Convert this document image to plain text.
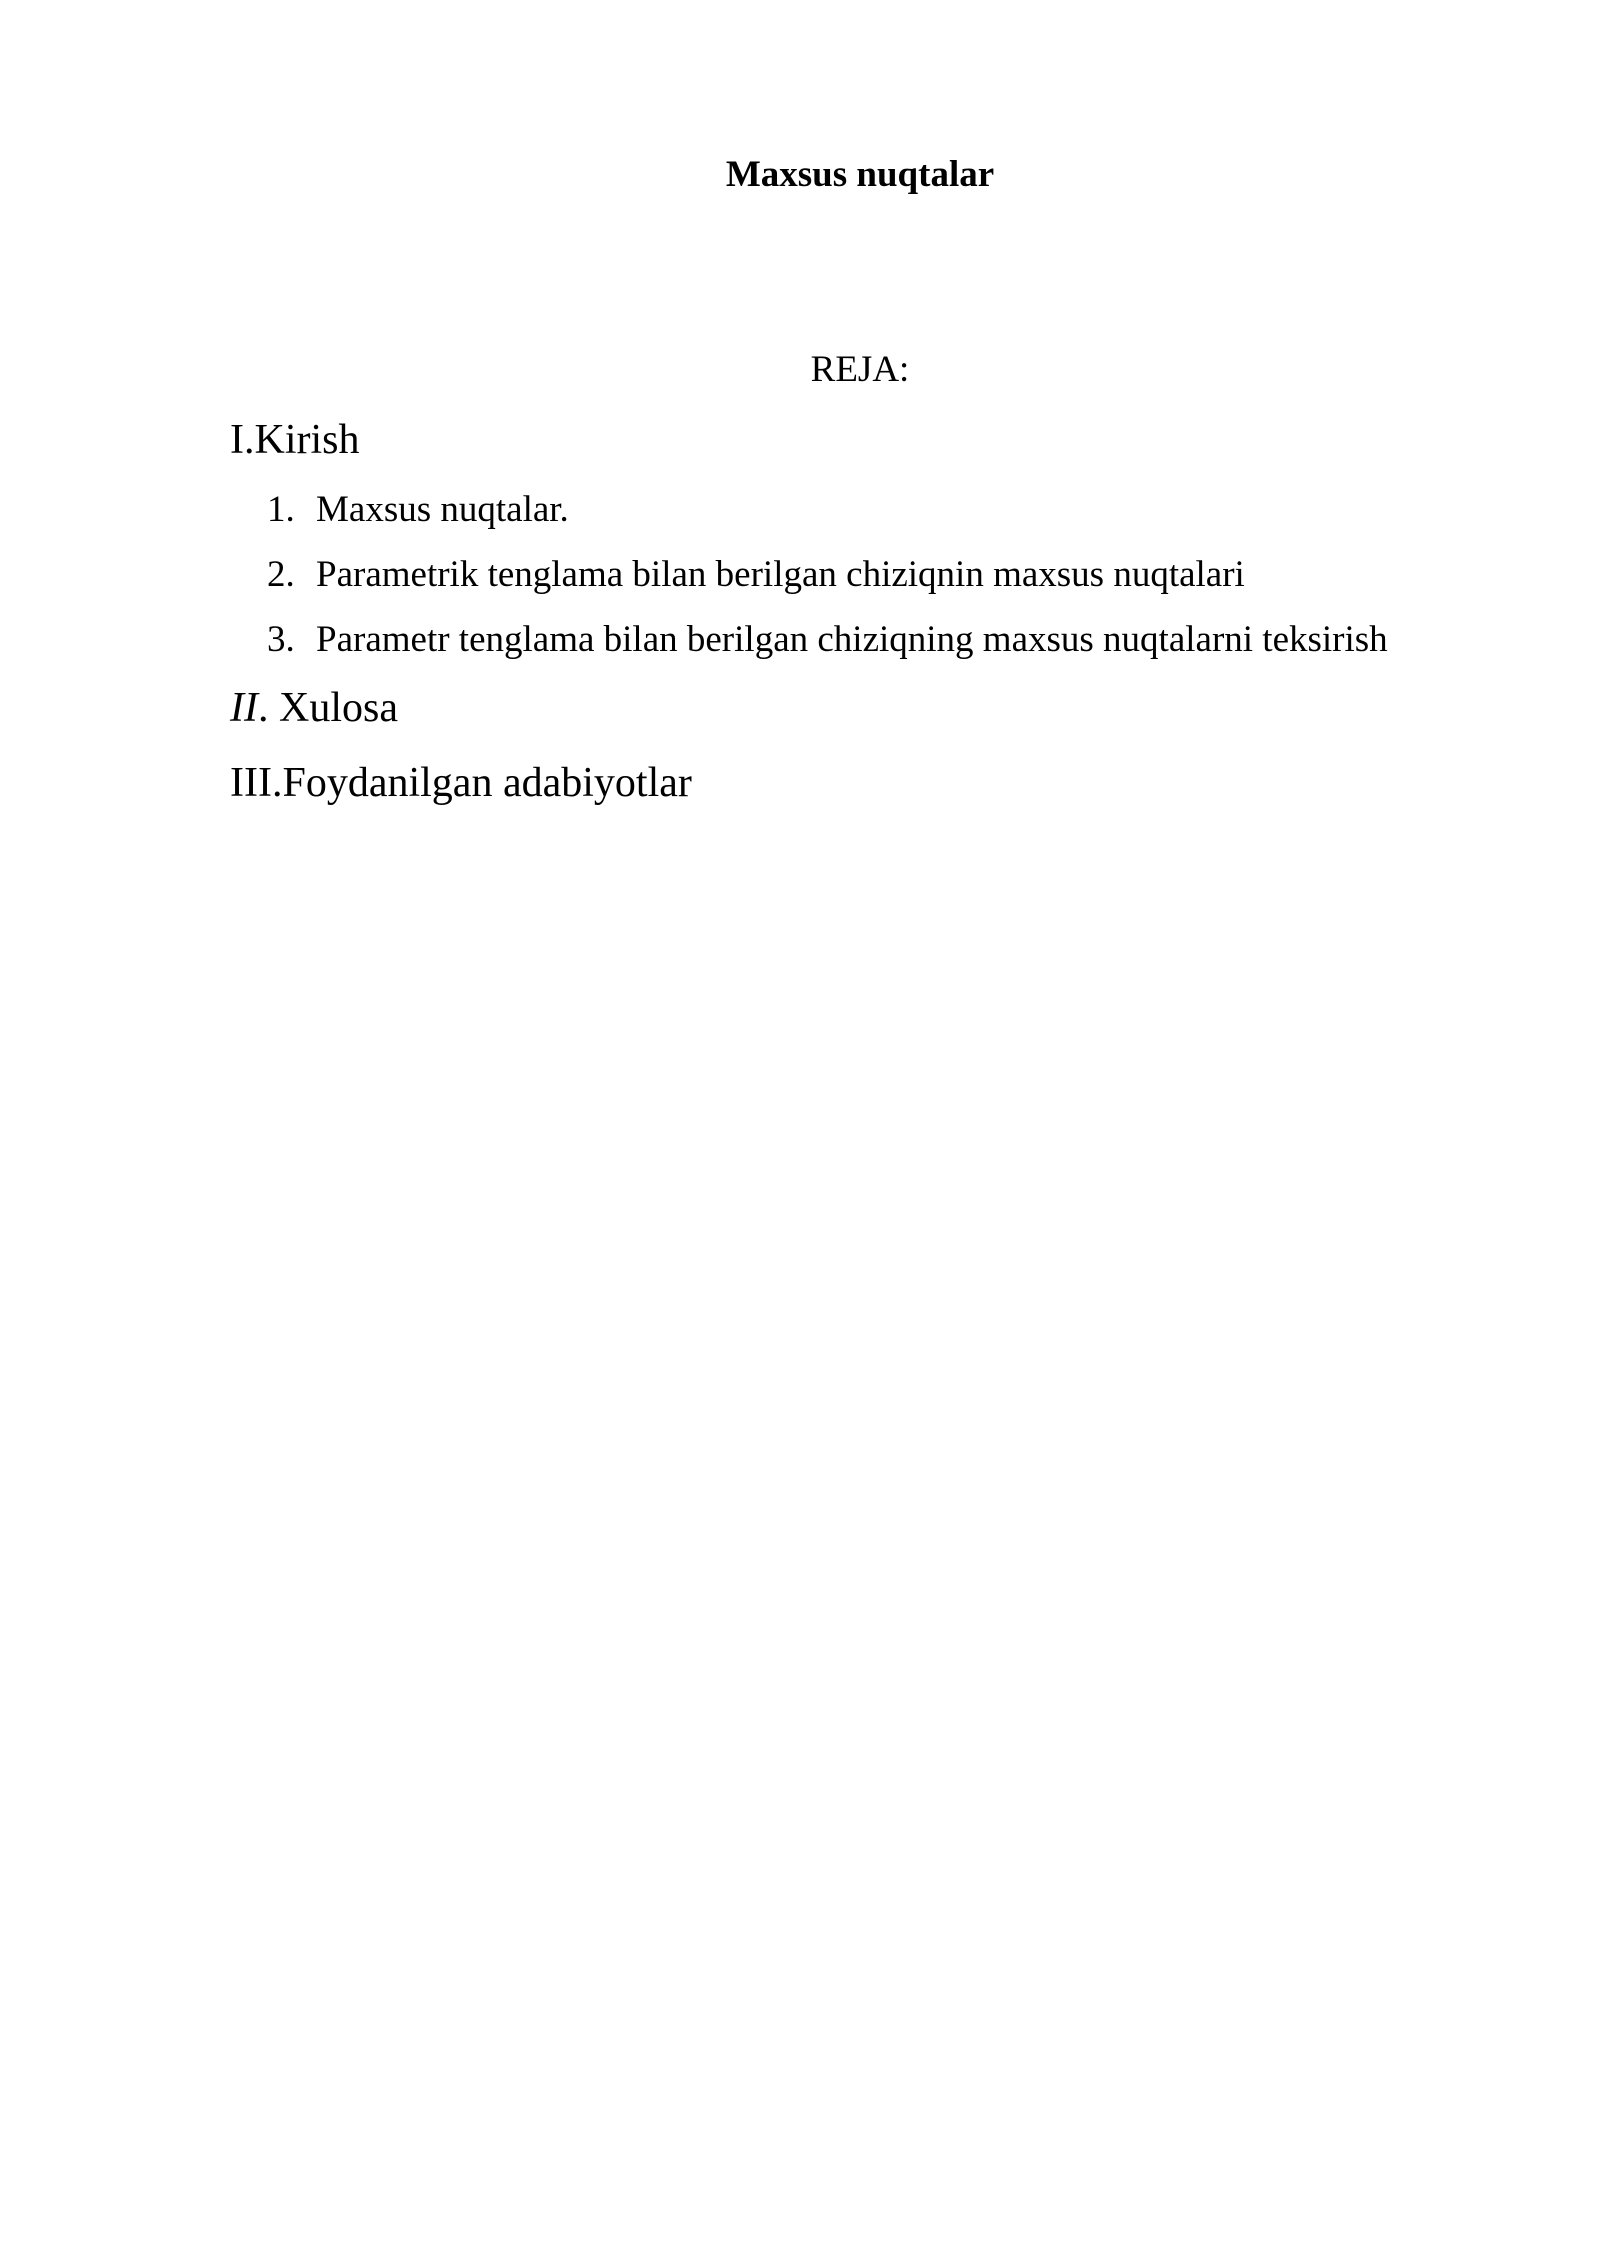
Maxsus nuqtalar
REJA:
I.Kirish
1. Maxsus nuqtalar.
2. Parametrik tenglama bilan berilgan chiziqnin maxsus nuqtalari
3. Parametr tenglama bilan berilgan chiziqning maxsus nuqtalarni teksirish
II. Xulosa
III.Foydanilgan adabiyotlar
